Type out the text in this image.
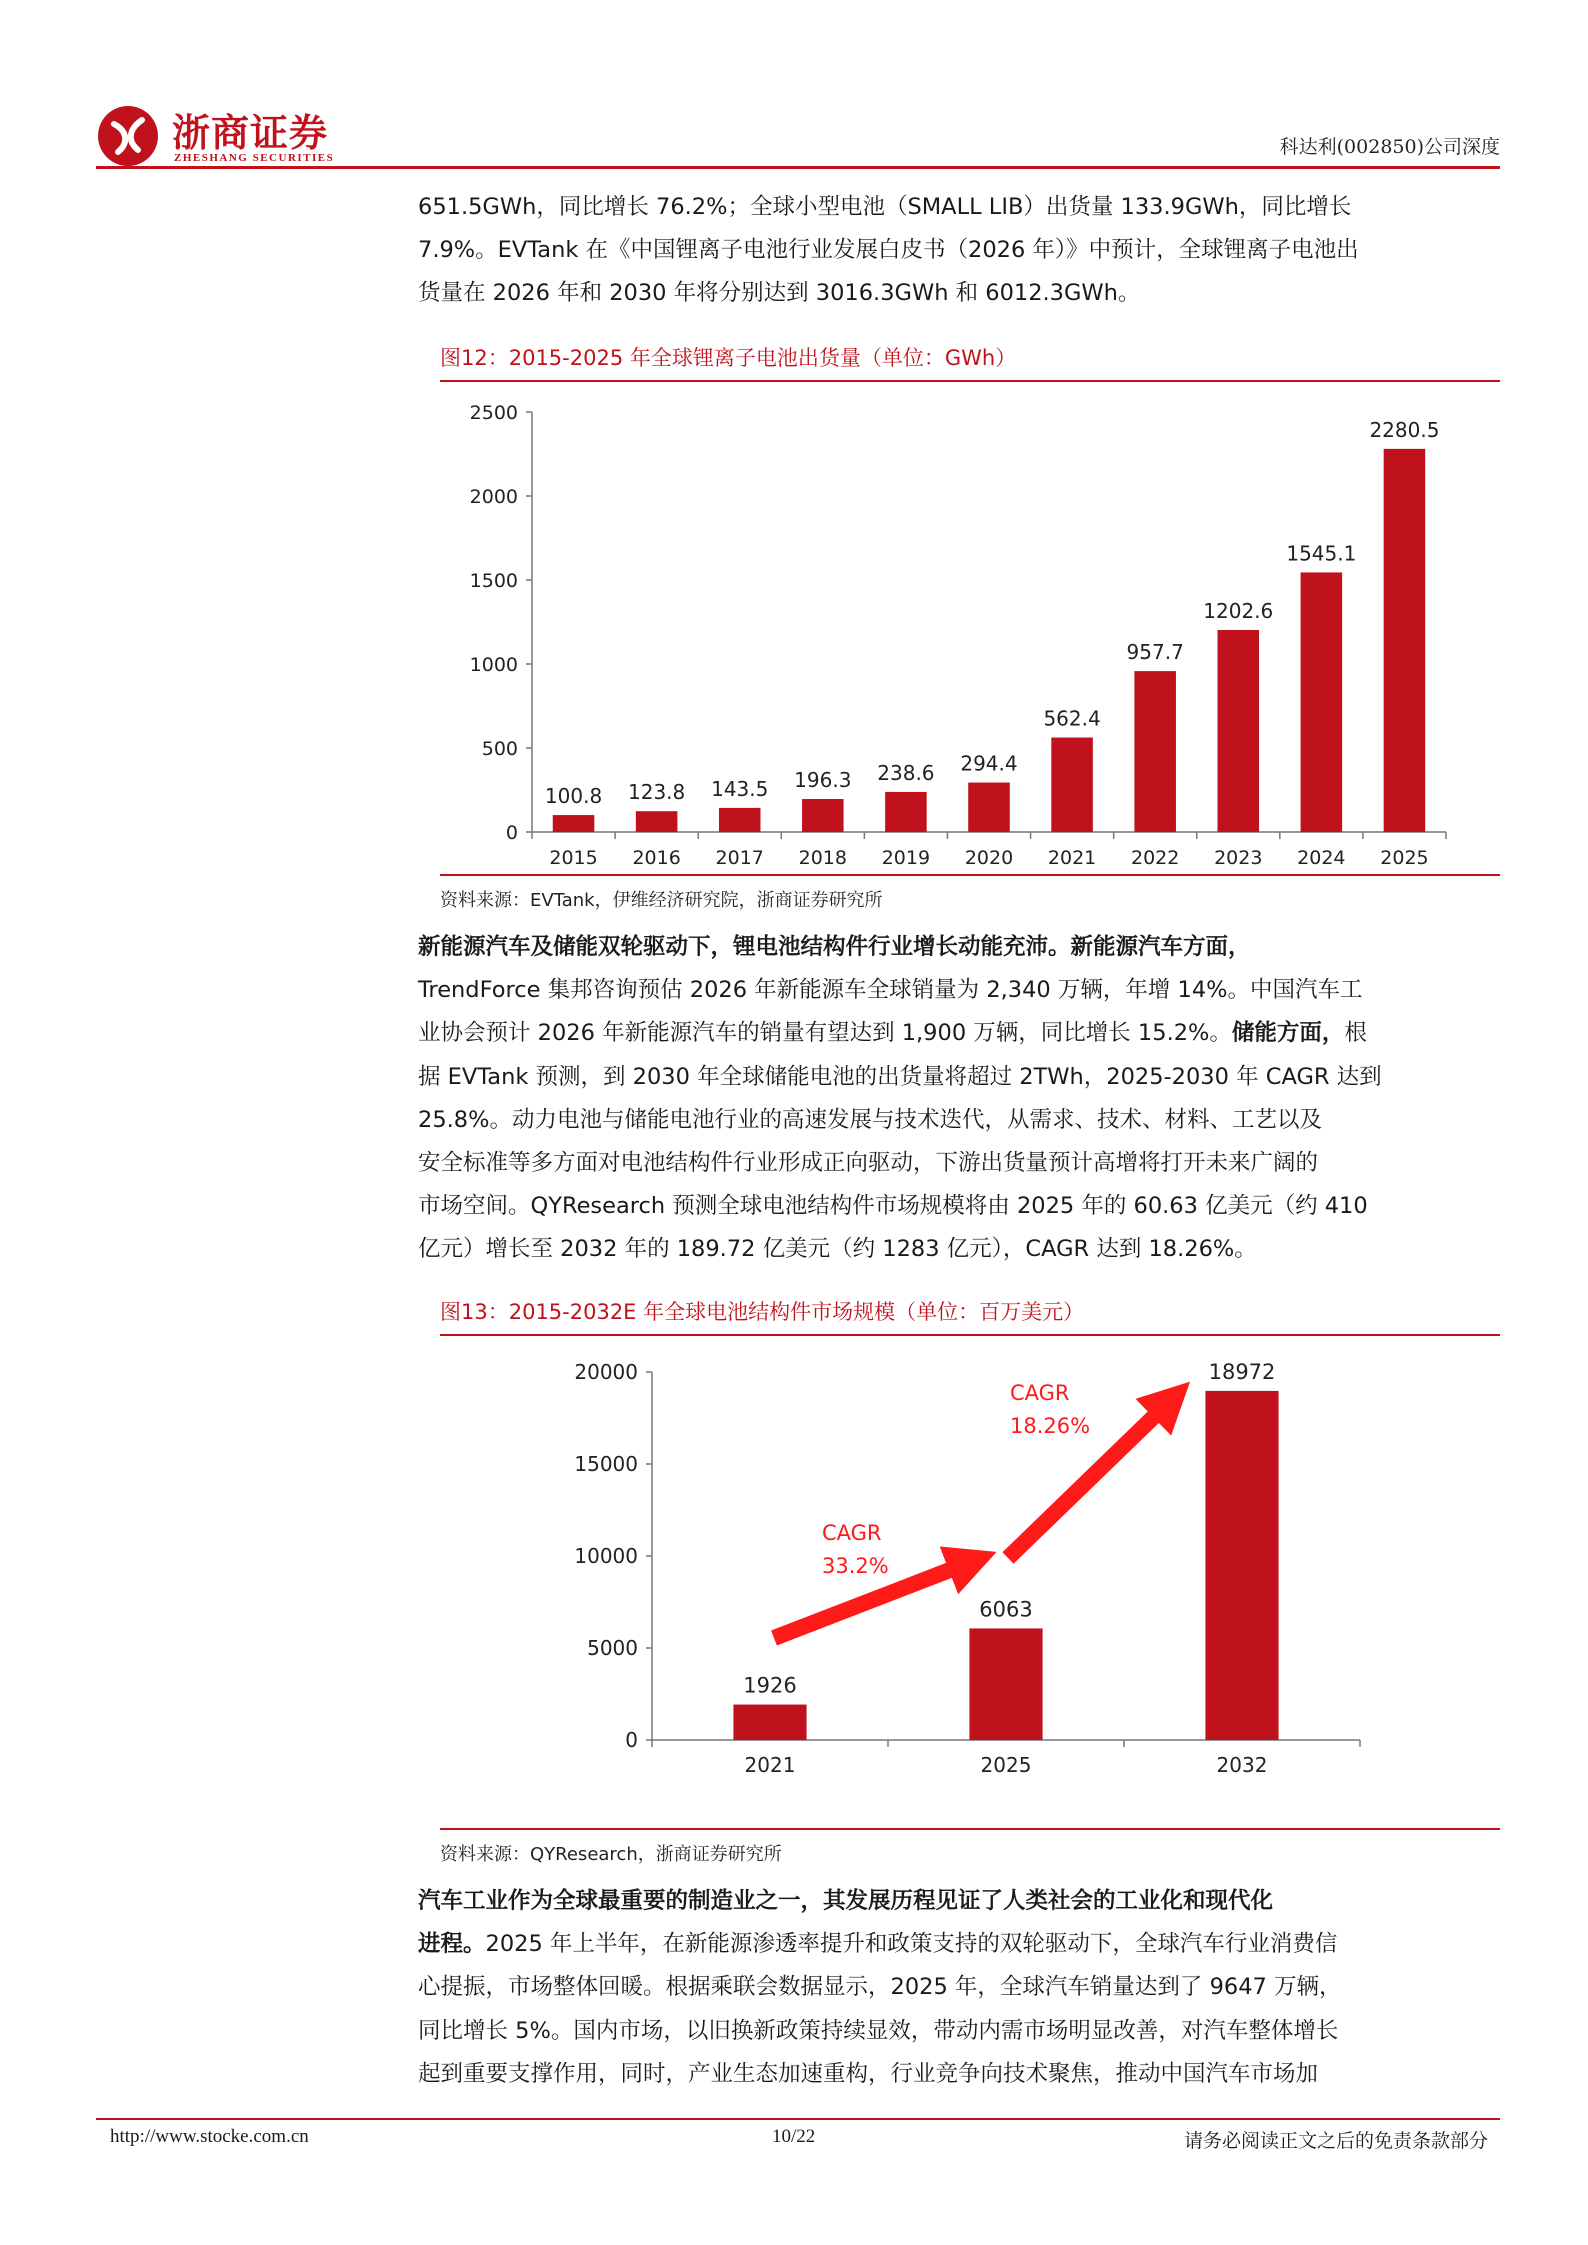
浙商证券
ZHESHANG SECURITIES	科达利(002850)公司深度
651.5GWh，同比增长 76.2%；全球小型电池（SMALL LIB）出货量 133.9GWh，同比增长
7.9%。EVTank 在《中国锂离子电池行业发展白皮书（2026 年）》中预计，全球锂离子电池出
货量在 2026 年和 2030 年将分别达到 3016.3GWh 和 6012.3GWh。
图12：2015-2025 年全球锂离子电池出货量（单位：GWh）
0
500
1000
1500
2000
2500
100.8
2015
123.8
2016
143.5
2017
196.3
2018
238.6
2019
294.4
2020
562.4
2021
957.7
2022
1202.6
2023
1545.1
2024
2280.5
2025
资料来源：EVTank，伊维经济研究院，浙商证券研究所
新能源汽车及储能双轮驱动下，锂电池结构件行业增长动能充沛。新能源汽车方面，
TrendForce 集邦咨询预估 2026 年新能源车全球销量为 2,340 万辆，年增 14%。中国汽车工
业协会预计 2026 年新能源汽车的销量有望达到 1,900 万辆，同比增长 15.2%。储能方面，根
据 EVTank 预测，到 2030 年全球储能电池的出货量将超过 2TWh，2025-2030 年 CAGR 达到
25.8%。动力电池与储能电池行业的高速发展与技术迭代，从需求、技术、材料、工艺以及
安全标准等多方面对电池结构件行业形成正向驱动，下游出货量预计高增将打开未来广阔的
市场空间。QYResearch 预测全球电池结构件市场规模将由 2025 年的 60.63 亿美元（约 410
亿元）增长至 2032 年的 189.72 亿美元（约 1283 亿元），CAGR 达到 18.26%。
图13：2015-2032E 年全球电池结构件市场规模（单位：百万美元）
0
5000
10000
15000
20000
1926
2021
6063
2025
18972
2032
CAGR
33.2%
CAGR
18.26%
资料来源：QYResearch，浙商证券研究所
汽车工业作为全球最重要的制造业之一，其发展历程见证了人类社会的工业化和现代化
进程。2025 年上半年，在新能源渗透率提升和政策支持的双轮驱动下，全球汽车行业消费信
心提振，市场整体回暖。根据乘联会数据显示，2025 年，全球汽车销量达到了 9647 万辆，
同比增长 5%。国内市场，以旧换新政策持续显效，带动内需市场明显改善，对汽车整体增长
起到重要支撑作用，同时，产业生态加速重构，行业竞争向技术聚焦，推动中国汽车市场加
http://www.stocke.com.cn	10/22	请务必阅读正文之后的免责条款部分
